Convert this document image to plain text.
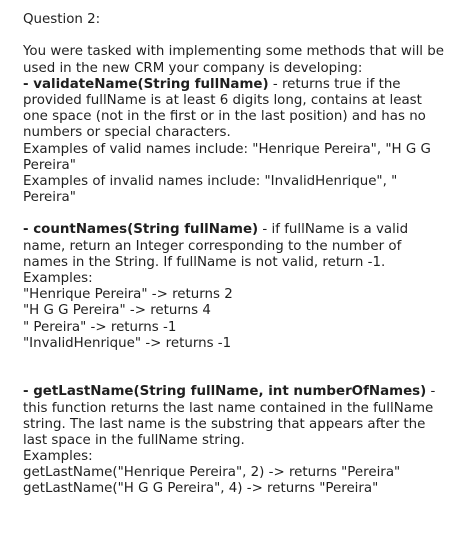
Question 2:
You were tasked with implementing some methods that will be
used in the new CRM your company is developing:
- validateName(String fullName) - returns true if the
provided fullName is at least 6 digits long, contains at least
one space (not in the first or in the last position) and has no
numbers or special characters.
Examples of valid names include: "Henrique Pereira", "H G G
Pereira"
Examples of invalid names include: "InvalidHenrique", "
Pereira"
- countNames(String fullName) - if fullName is a valid
name, return an Integer corresponding to the number of
names in the String. If fullName is not valid, return -1.
Examples:
"Henrique Pereira" -> returns 2
"H G G Pereira" -> returns 4
" Pereira" -> returns -1
"InvalidHenrique" -> returns -1
- getLastName(String fullName, int numberOfNames) -
this function returns the last name contained in the fullName
string. The last name is the substring that appears after the
last space in the fullName string.
Examples:
getLastName("Henrique Pereira", 2) -> returns "Pereira"
getLastName("H G G Pereira", 4) -> returns "Pereira"
